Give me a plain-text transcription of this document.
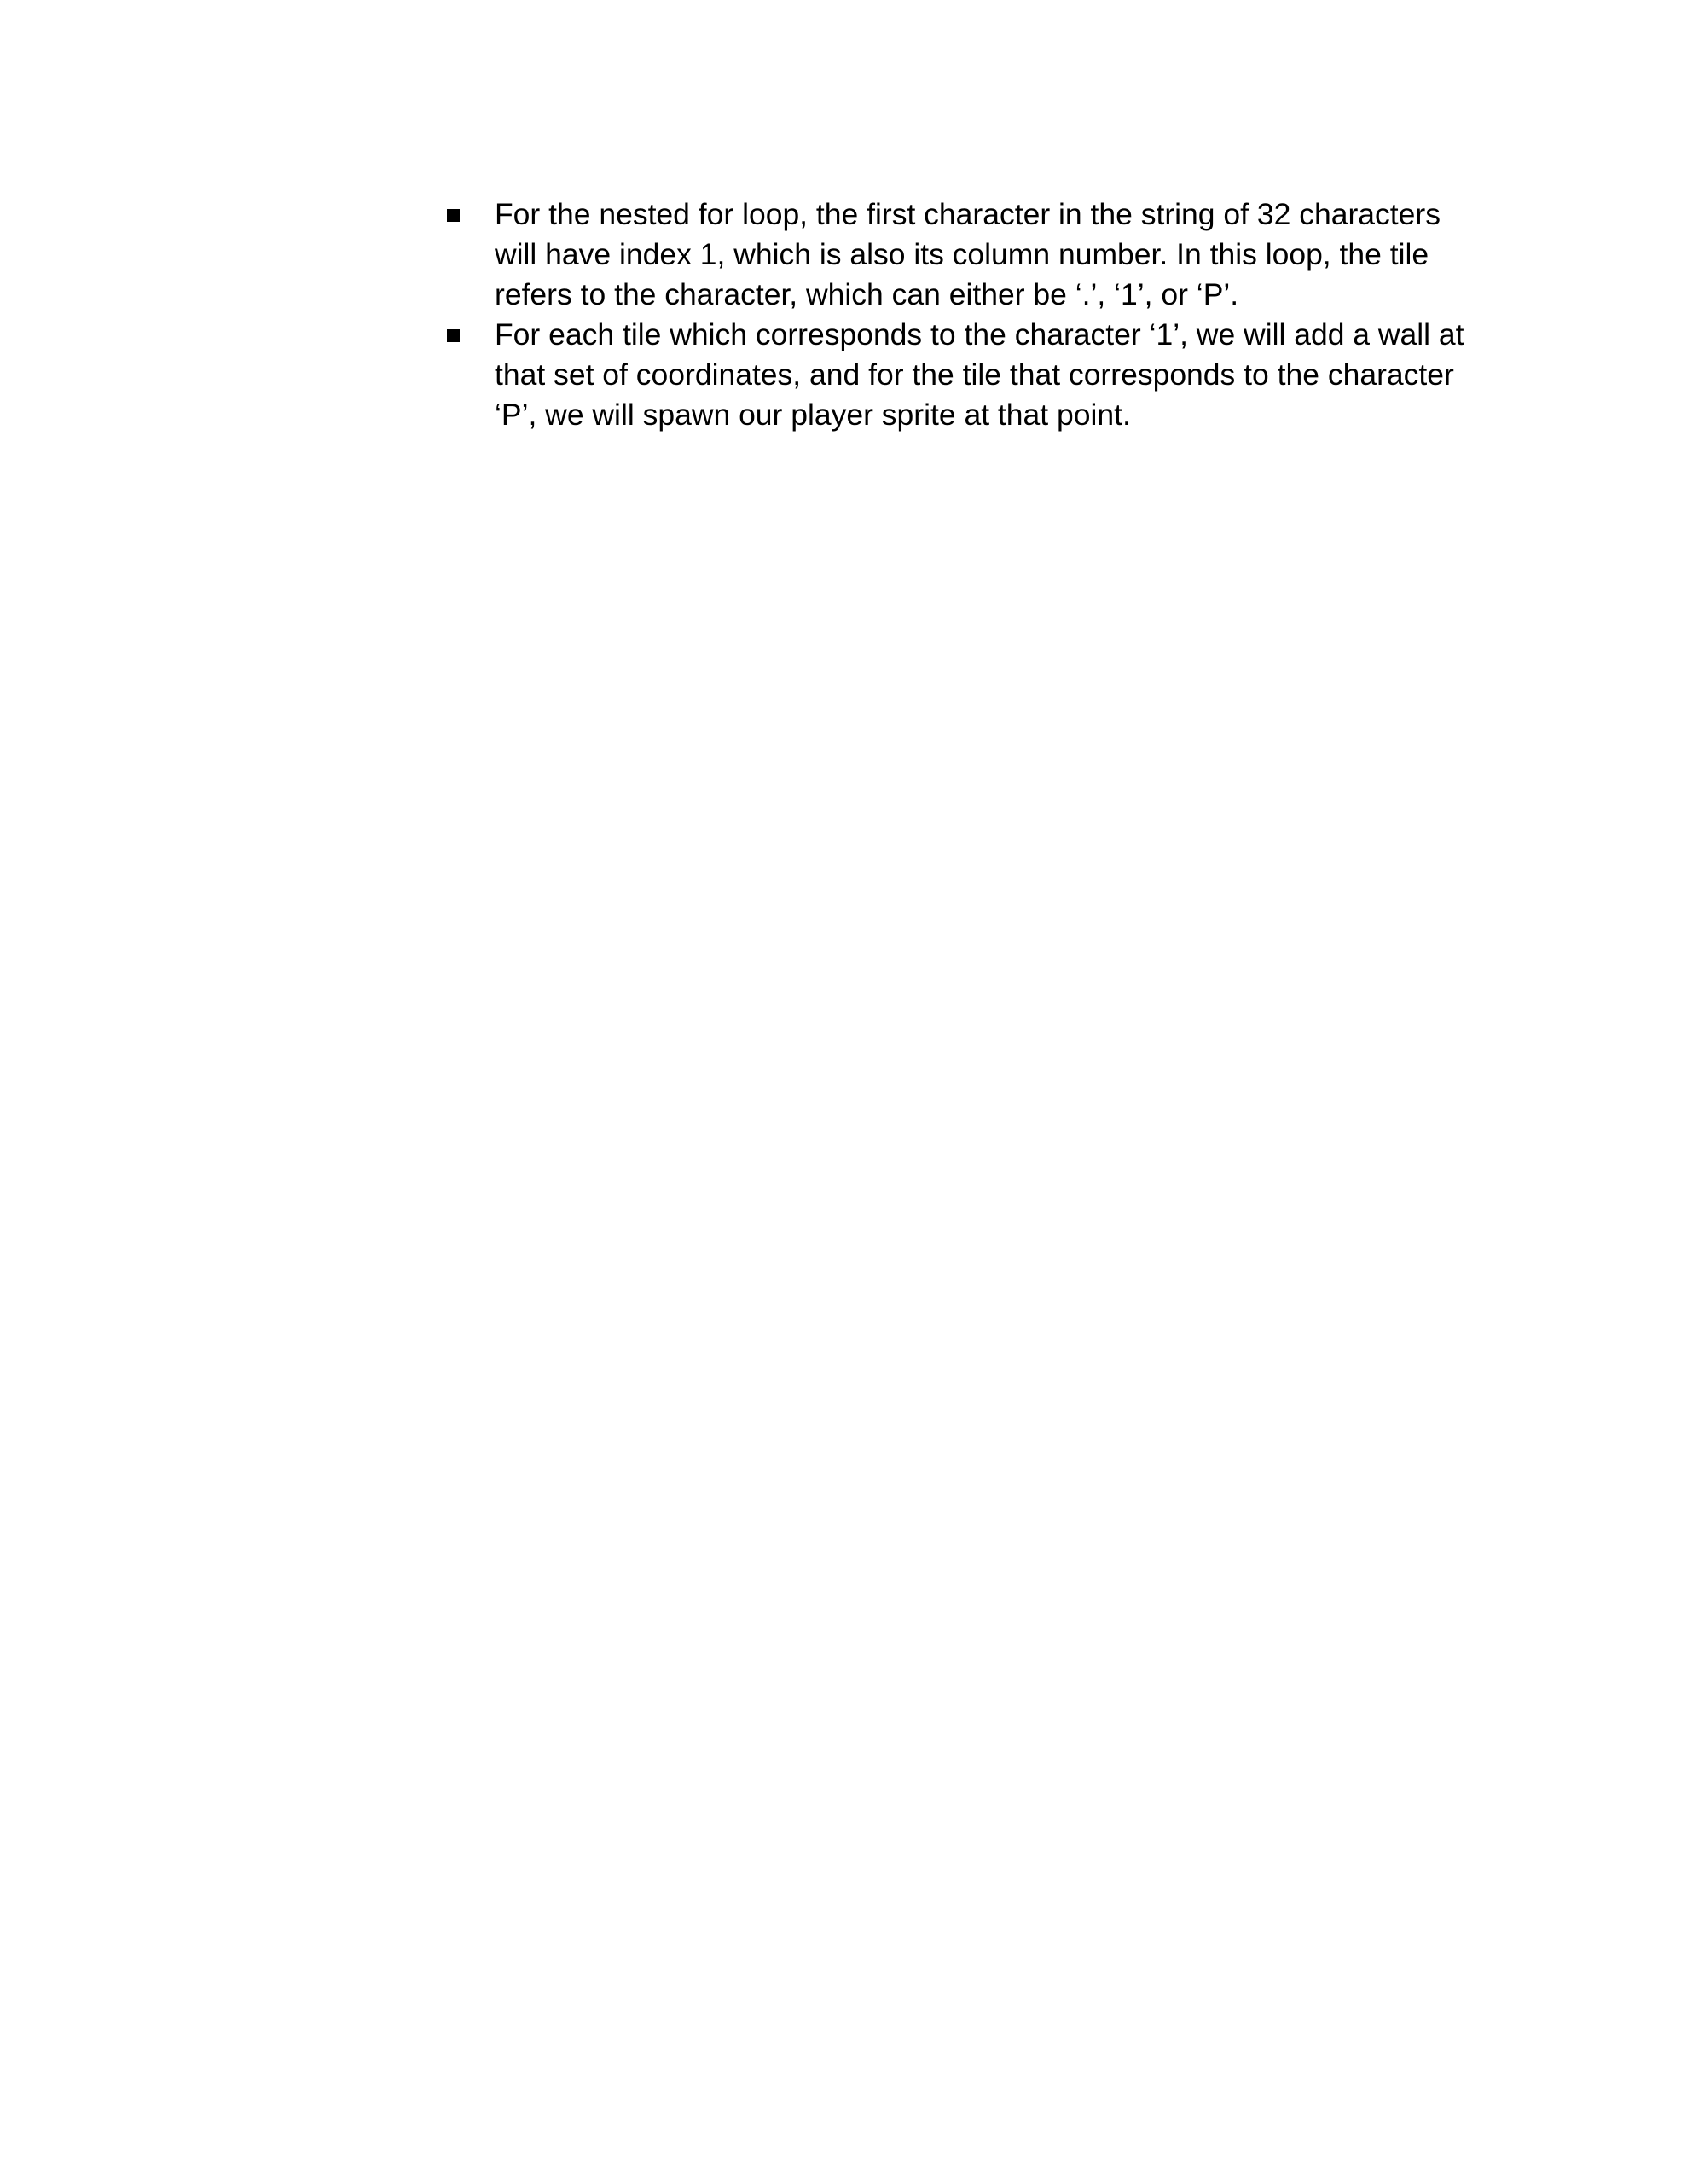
For the nested for loop, the first character in the string of 32 characters
will have index 1, which is also its column number. In this loop, the tile
refers to the character, which can either be ‘.’, ‘1’, or ‘P’.
For each tile which corresponds to the character ‘1’, we will add a wall at
that set of coordinates, and for the tile that corresponds to the character
‘P’, we will spawn our player sprite at that point.
